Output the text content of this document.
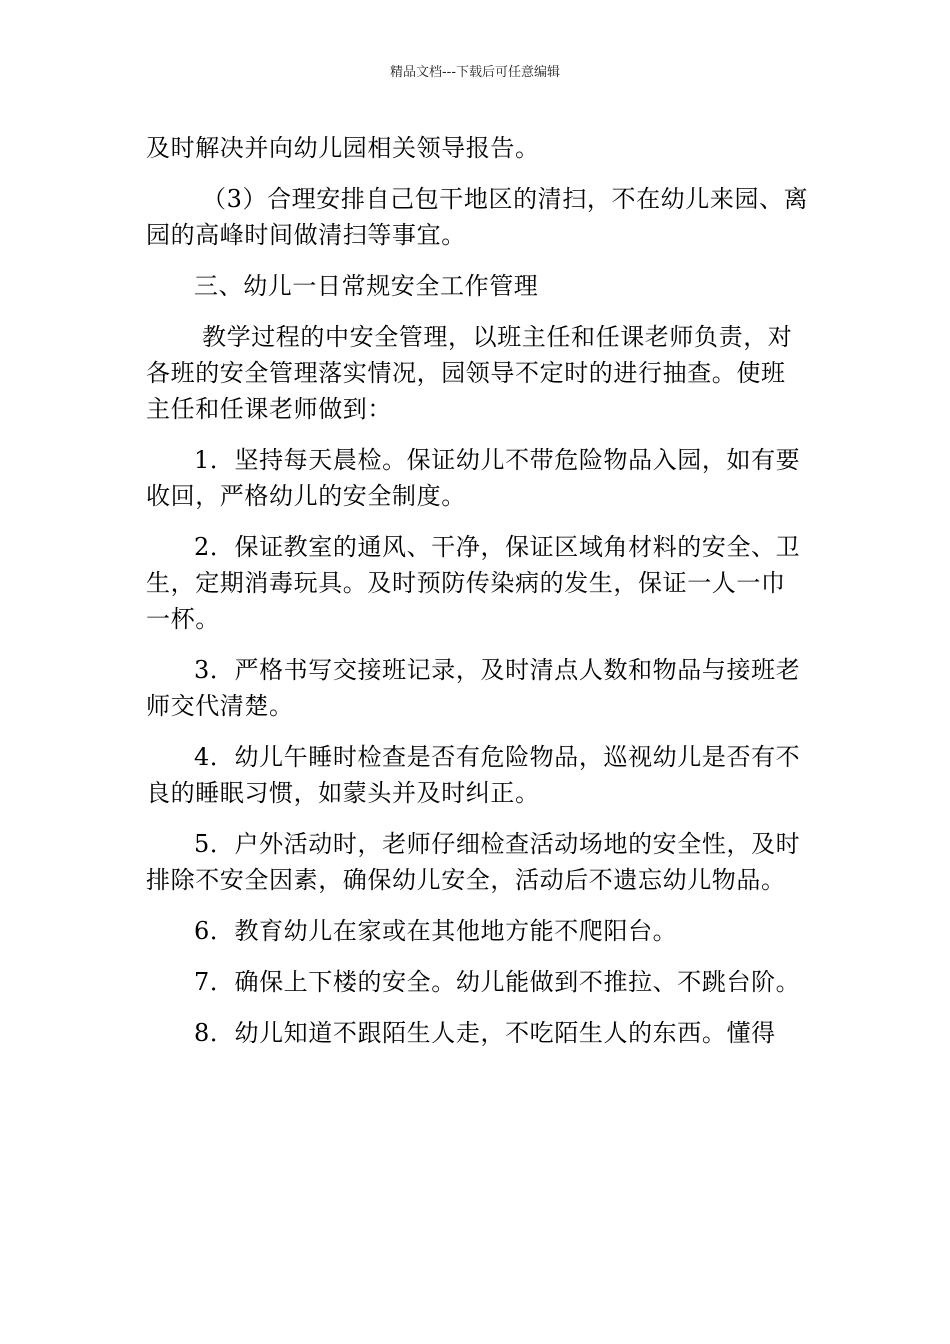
精品文档---下载后可任意编辑

及时解决并向幼儿园相关领导报告。

（3）合理安排自己包干地区的清扫，不在幼儿来园、离园的高峰时间做清扫等事宜。

三、幼儿一日常规安全工作管理

教学过程的中安全管理，以班主任和任课老师负责，对各班的安全管理落实情况，园领导不定时的进行抽查。使班主任和任课老师做到：

1．坚持每天晨检。保证幼儿不带危险物品入园，如有要收回，严格幼儿的安全制度。

2．保证教室的通风、干净，保证区域角材料的安全、卫生，定期消毒玩具。及时预防传染病的发生，保证一人一巾一杯。

3．严格书写交接班记录，及时清点人数和物品与接班老师交代清楚。

4．幼儿午睡时检查是否有危险物品，巡视幼儿是否有不良的睡眠习惯，如蒙头并及时纠正。

5．户外活动时，老师仔细检查活动场地的安全性，及时排除不安全因素，确保幼儿安全，活动后不遗忘幼儿物品。

6．教育幼儿在家或在其他地方能不爬阳台。

7．确保上下楼的安全。幼儿能做到不推拉、不跳台阶。

8．幼儿知道不跟陌生人走，不吃陌生人的东西。懂得
